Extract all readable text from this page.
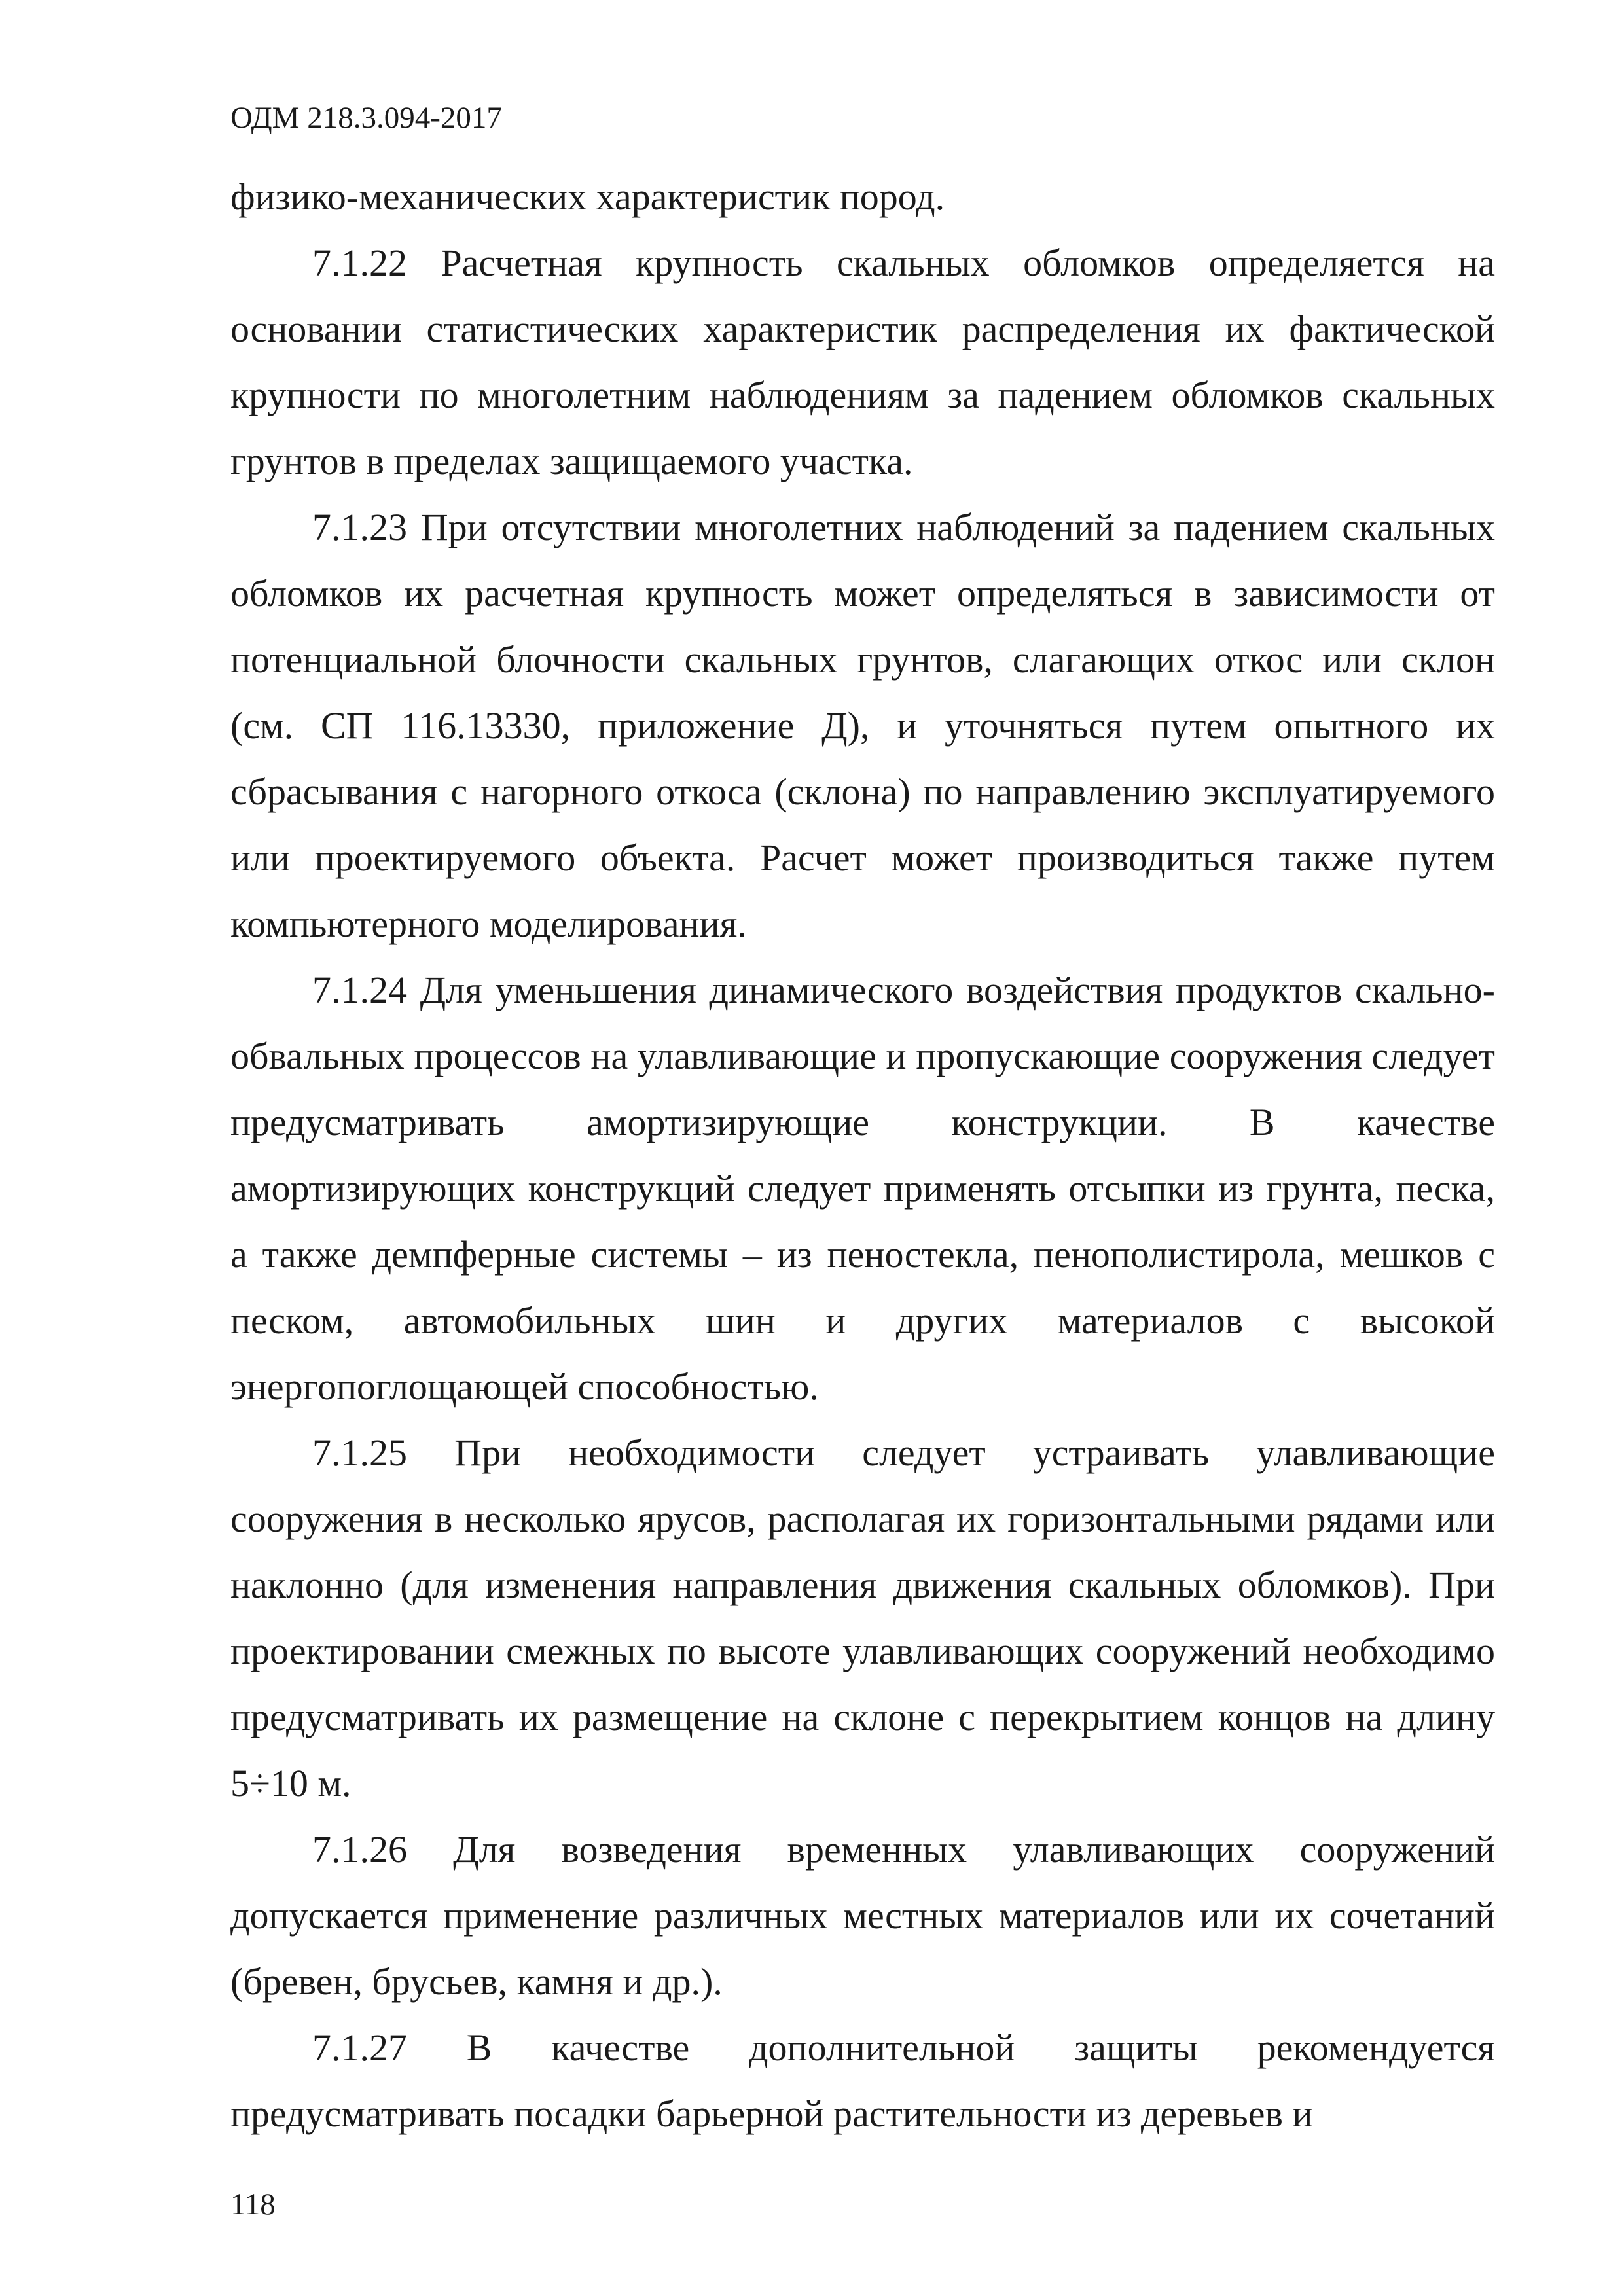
ОДМ 218.3.094-2017

физико-механических характеристик пород.

7.1.22 Расчетная крупность скальных обломков определяется на основании статистических характеристик распределения их фактической крупности по многолетним наблюдениям за падением обломков скальных грунтов в пределах защищаемого участка.

7.1.23 При отсутствии многолетних наблюдений за падением скальных обломков их расчетная крупность может определяться в зависимости от потенциальной блочности скальных грунтов, слагающих откос или склон (см. СП 116.13330, приложение Д), и уточняться путем опытного их сбрасывания с нагорного откоса (склона) по направлению эксплуатируемого или проектируемого объекта. Расчет может производиться также путем компьютерного моделирования.

7.1.24 Для уменьшения динамического воздействия продуктов скально-обвальных процессов на улавливающие и пропускающие сооружения следует предусматривать амортизирующие конструкции. В качестве амортизирующих конструкций следует применять отсыпки из грунта, песка, а также демпферные системы – из пеностекла, пенополистирола, мешков с песком, автомобильных шин и других материалов с высокой энергопоглощающей способностью.

7.1.25 При необходимости следует устраивать улавливающие сооружения в несколько ярусов, располагая их горизонтальными рядами или наклонно (для изменения направления движения скальных обломков). При проектировании смежных по высоте улавливающих сооружений необходимо предусматривать их размещение на склоне с перекрытием концов на длину 5÷10 м.

7.1.26 Для возведения временных улавливающих сооружений допускается применение различных местных материалов или их сочетаний (бревен, брусьев, камня и др.).

7.1.27 В качестве дополнительной защиты рекомендуется предусматривать посадки барьерной растительности из деревьев и

118
